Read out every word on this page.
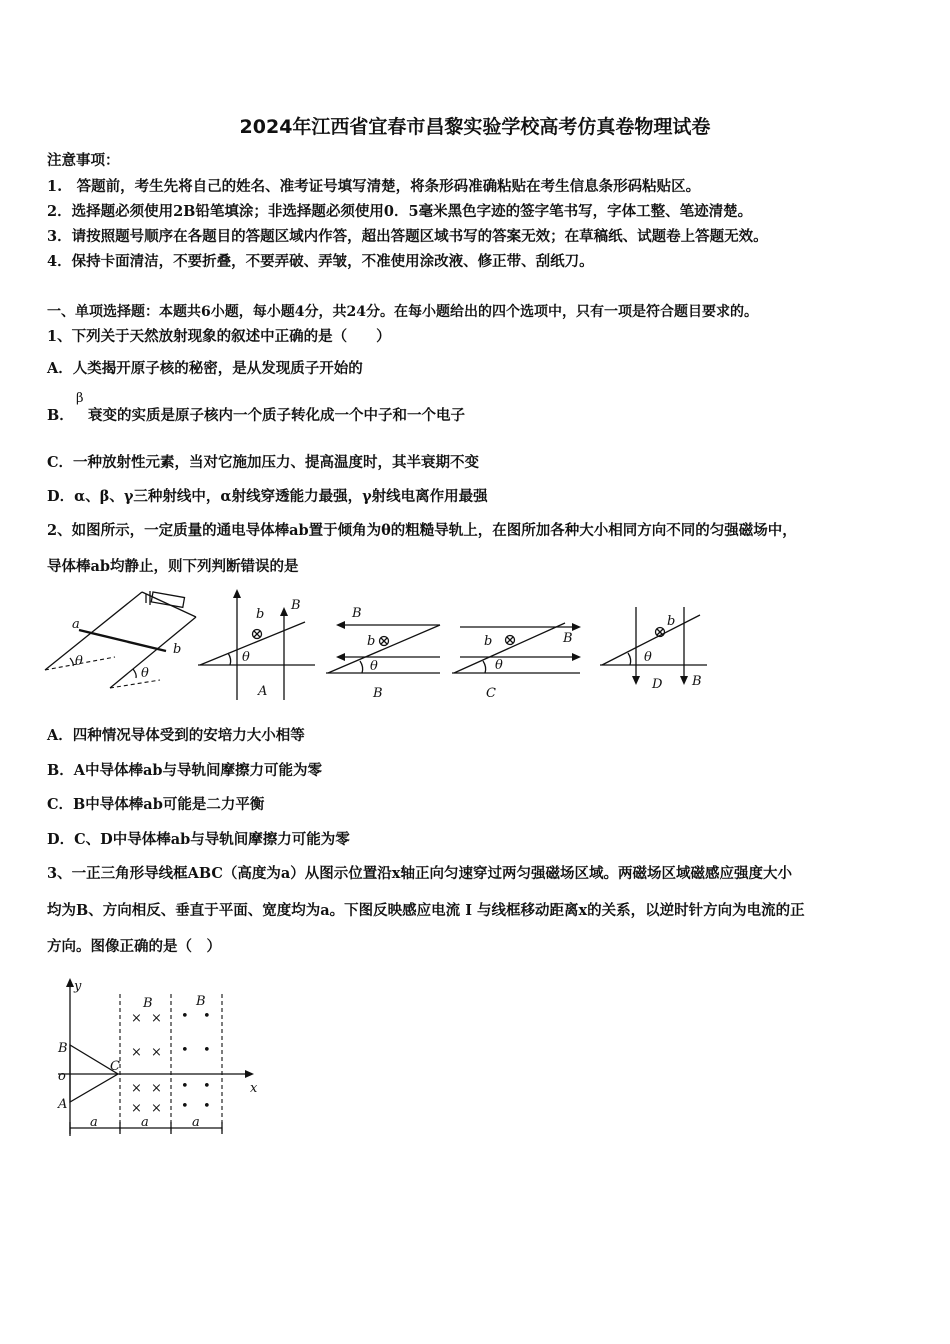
2024年江西省宜春市昌黎实验学校高考仿真卷物理试卷
注意事项：
1.　答题前，考生先将自己的姓名、准考证号填写清楚，将条形码准确粘贴在考生信息条形码粘贴区。
2．选择题必须使用2B铅笔填涂；非选择题必须使用0．5毫米黑色字迹的签字笔书写，字体工整、笔迹清楚。
3．请按照题号顺序在各题目的答题区域内作答，超出答题区域书写的答案无效；在草稿纸、试题卷上答题无效。
4．保持卡面清洁，不要折叠，不要弄破、弄皱，不准使用涂改液、修正带、刮纸刀。
一、单项选择题：本题共6小题，每小题4分，共24分。在每小题给出的四个选项中，只有一项是符合题目要求的。
1、下列关于天然放射现象的叙述中正确的是（　　）
A．人类揭开原子核的秘密，是从发现质子开始的
B．
β
衰变的实质是原子核内一个质子转化成一个中子和一个电子
C．一种放射性元素，当对它施加压力、提高温度时，其半衰期不变
D．α、β、γ三种射线中，α射线穿透能力最强，γ射线电离作用最强
2、如图所示，一定质量的通电导体棒ab置于倾角为θ的粗糙导轨上，在图所加各种大小相同方向不同的匀强磁场中，
导体棒ab均静止，则下列判断错误的是
a
b
θ
θ
b
B
θ
A
B
b
θ
B
b	B
θ
C
b
θ
D B
A．四种情况导体受到的安培力大小相等
B．A中导体棒ab与导轨间摩擦力可能为零
C．B中导体棒ab可能是二力平衡
D．C、D中导体棒ab与导轨间摩擦力可能为零
3、一正三角形导线框ABC（高度为a）从图示位置沿x轴正向匀速穿过两匀强磁场区域。两磁场区域磁感应强度大小
均为B、方向相反、垂直于平面、宽度均为a。下图反映感应电流 I 与线框移动距离x的关系，以逆时针方向为电流的正
方向。图像正确的是（　）
y
x
o
B
A
C
× ×
× ×
× ×
× ×
B
• •
• •
• •
• •
B
a	a	a
